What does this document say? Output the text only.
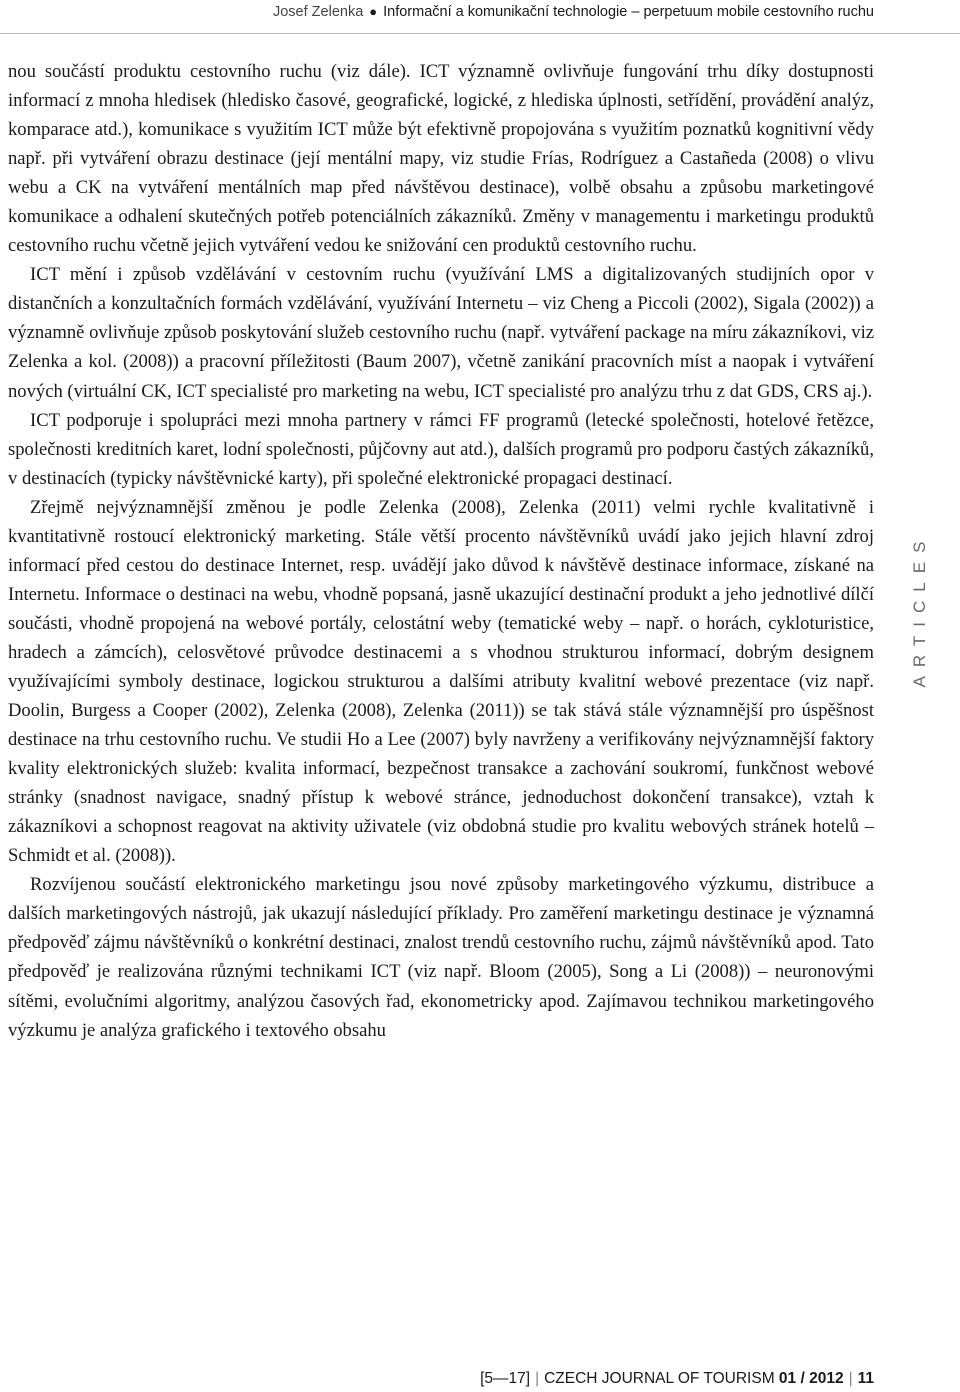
Josef Zelenka ● Informační a komunikační technologie – perpetuum mobile cestovního ruchu

nou součástí produktu cestovního ruchu (viz dále). ICT významně ovlivňuje fungování trhu díky dostupnosti informací z mnoha hledisek (hledisko časové, geografické, logické, z hlediska úplnosti, setřídění, provádění analýz, komparace atd.), komunikace s využitím ICT může být efektivně propojována s využitím poznatků kognitivní vědy např. při vytváření obrazu destinace (její mentální mapy, viz studie Frías, Rodríguez a Castañeda (2008) o vlivu webu a CK na vytváření mentálních map před návštěvou destinace), volbě obsahu a způsobu marketingové komunikace a odhalení skutečných potřeb potenciálních zákazníků. Změny v managementu i marketingu produktů cestovního ruchu včetně jejich vytváření vedou ke snižování cen produktů cestovního ruchu.

ICT mění i způsob vzdělávání v cestovním ruchu (využívání LMS a digitalizovaných studijních opor v distančních a konzultačních formách vzdělávání, využívání Internetu – viz Cheng a Piccoli (2002), Sigala (2002)) a významně ovlivňuje způsob poskytování služeb cestovního ruchu (např. vytváření package na míru zákazníkovi, viz Zelenka a kol. (2008)) a pracovní příležitosti (Baum 2007), včetně zanikání pracovních míst a naopak i vytváření nových (virtuální CK, ICT specialisté pro marketing na webu, ICT specialisté pro analýzu trhu z dat GDS, CRS aj.).

ICT podporuje i spolupráci mezi mnoha partnery v rámci FF programů (letecké společnosti, hotelové řetězce, společnosti kreditních karet, lodní společnosti, půjčovny aut atd.), dalších programů pro podporu častých zákazníků, v destinacích (typicky návštěvnické karty), při společné elektronické propagaci destinací.

Zřejmě nejvýznamnější změnou je podle Zelenka (2008), Zelenka (2011) velmi rychle kvalitativně i kvantitativně rostoucí elektronický marketing. Stále větší procento návštěvníků uvádí jako jejich hlavní zdroj informací před cestou do destinace Internet, resp. uvádějí jako důvod k návštěvě destinace informace, získané na Internetu. Informace o destinaci na webu, vhodně popsaná, jasně ukazující destinační produkt a jeho jednotlivé dílčí součásti, vhodně propojená na webové portály, celostátní weby (tematické weby – např. o horách, cykloturistice, hradech a zámcích), celosvětové průvodce destinacemi a s vhodnou strukturou informací, dobrým designem využívajícími symboly destinace, logickou strukturou a dalšími atributy kvalitní webové prezentace (viz např. Doolin, Burgess a Cooper (2002), Zelenka (2008), Zelenka (2011)) se tak stává stále významnější pro úspěšnost destinace na trhu cestovního ruchu. Ve studii Ho a Lee (2007) byly navrženy a verifikovány nejvýznamnější faktory kvality elektronických služeb: kvalita informací, bezpečnost transakce a zachování soukromí, funkčnost webové stránky (snadnost navigace, snadný přístup k webové stránce, jednoduchost dokončení transakce), vztah k zákazníkovi a schopnost reagovat na aktivity uživatele (viz obdobná studie pro kvalitu webových stránek hotelů – Schmidt et al. (2008)).

Rozvíjenou součástí elektronického marketingu jsou nové způsoby marketingového výzkumu, distribuce a dalších marketingových nástrojů, jak ukazují následující příklady. Pro zaměření marketingu destinace je významná předpověď zájmu návštěvníků o konkrétní destinaci, znalost trendů cestovního ruchu, zájmů návštěvníků apod. Tato předpověď je realizována různými technikami ICT (viz např. Bloom (2005), Song a Li (2008)) – neuronovými sítěmi, evolučními algoritmy, analýzou časových řad, ekonometricky apod. Zajímavou technikou marketingového výzkumu je analýza grafického i textového obsahu

ARTICLES
[5—17] | CZECH JOURNAL OF TOURISM 01 / 2012 | 11
